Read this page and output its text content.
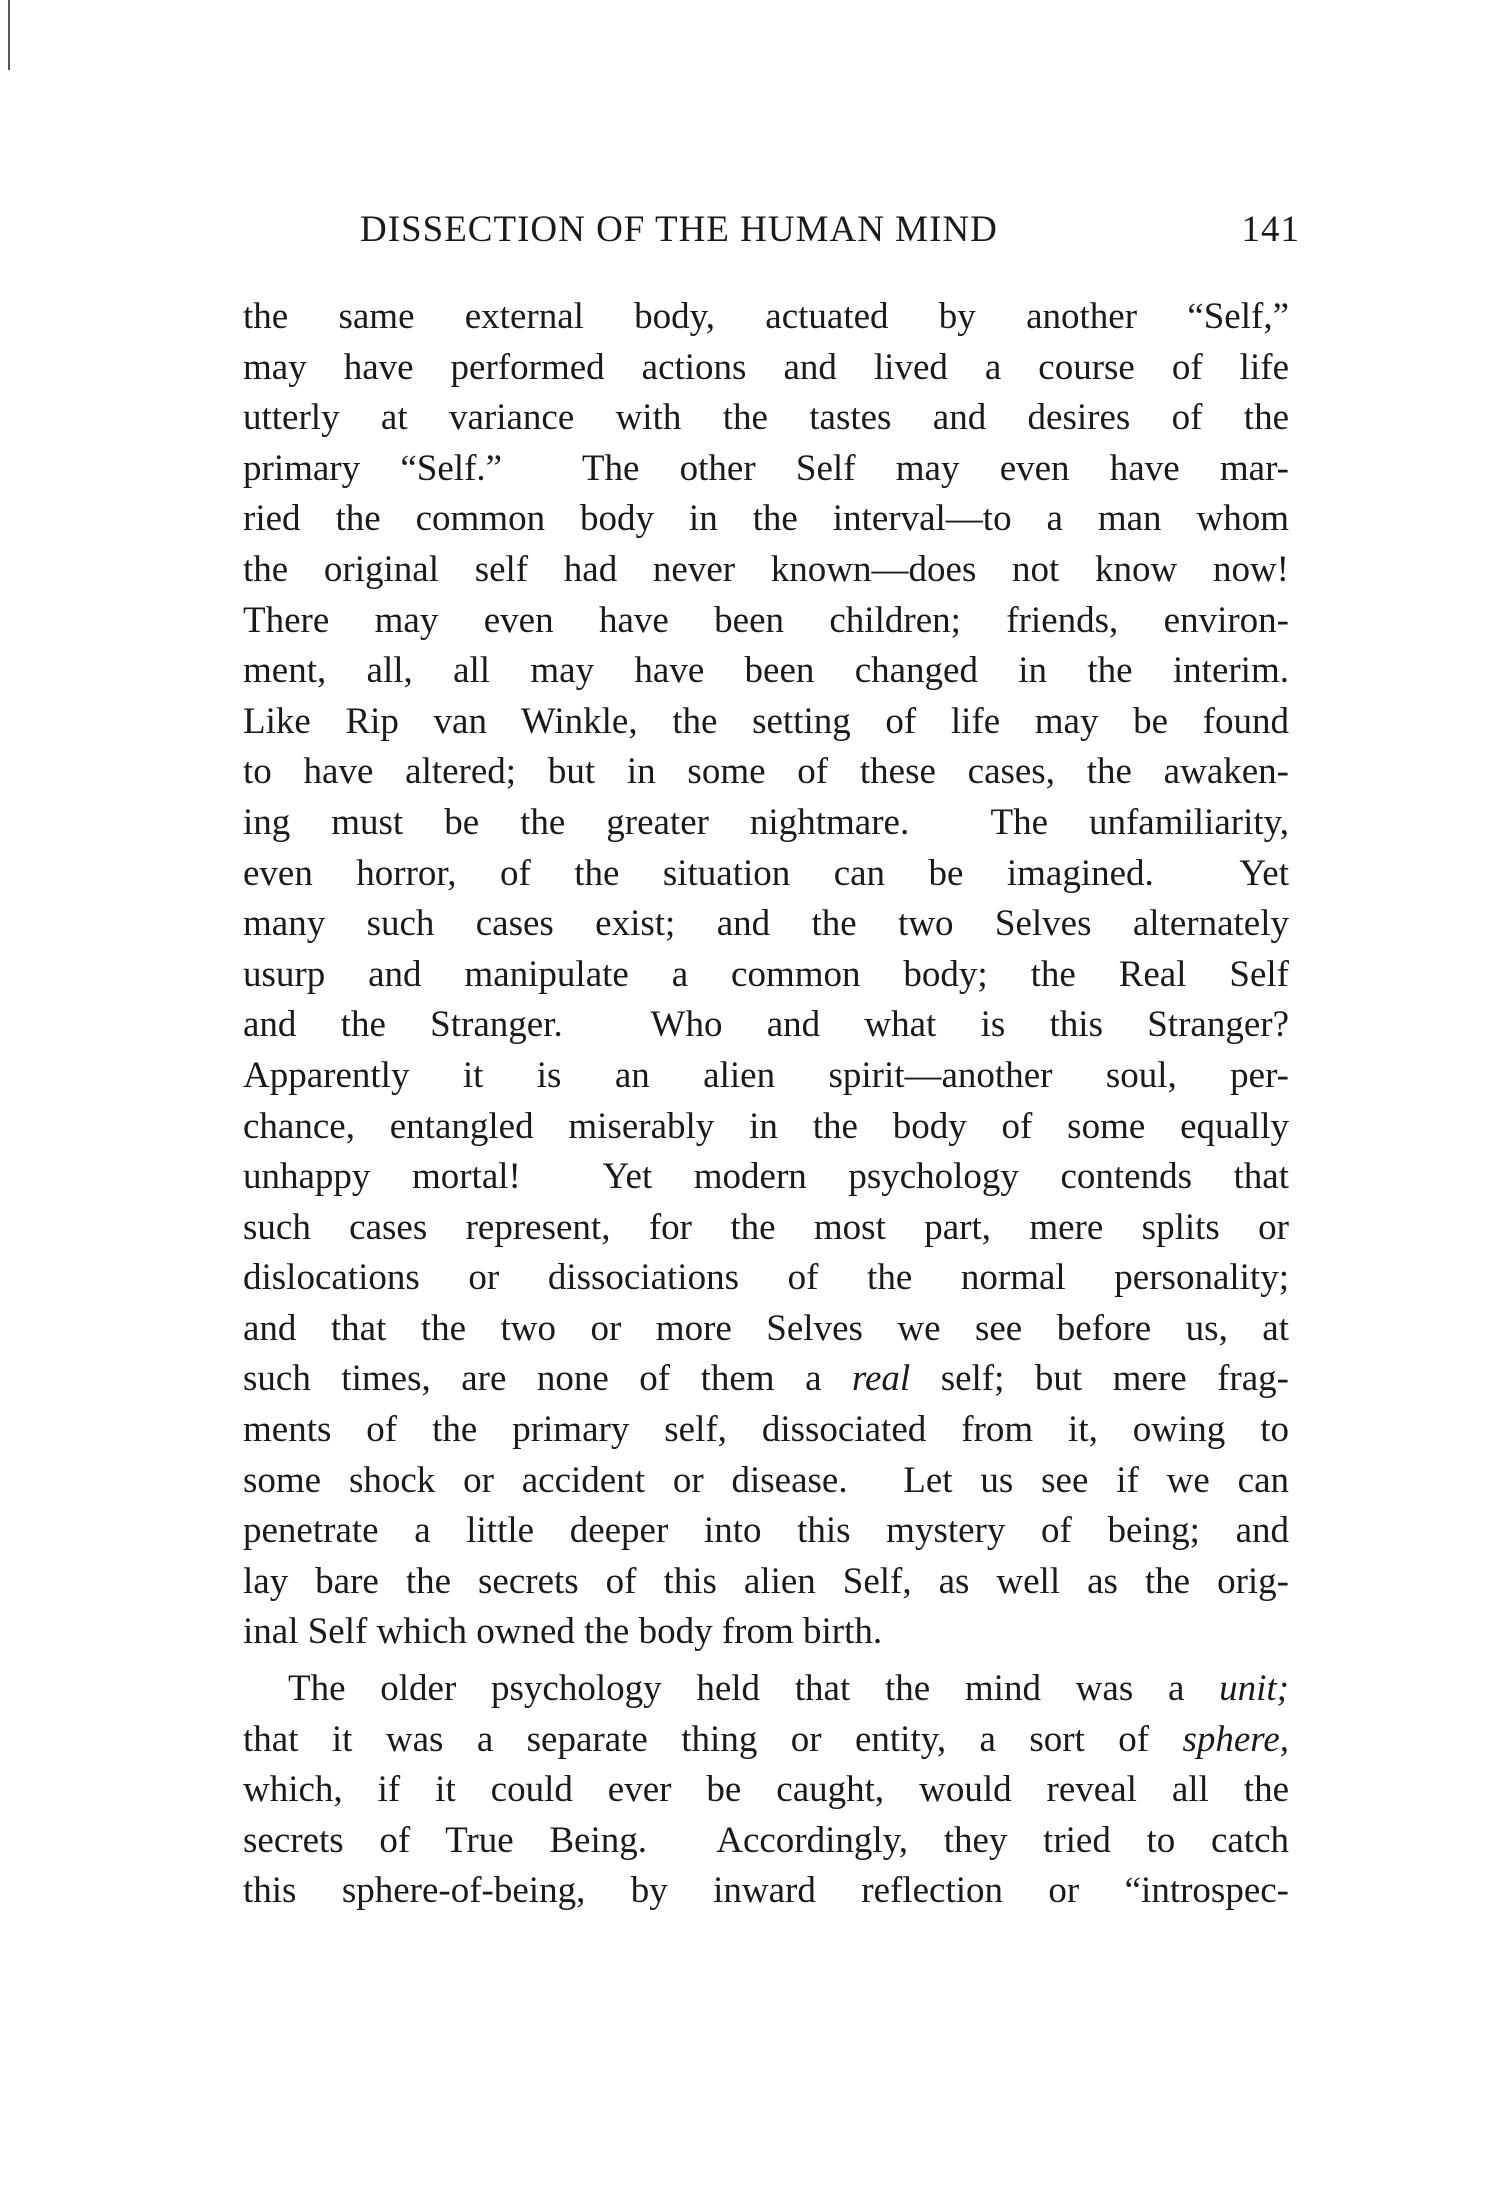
DISSECTION OF THE HUMAN MIND	141
the same external body, actuated by another “Self,”
may have performed actions and lived a course of life
utterly at variance with the tastes and desires of the
primary “Self.”  The other Self may even have mar-
ried the common body in the interval—to a man whom
the original self had never known—does not know now!
There may even have been children; friends, environ-
ment, all, all may have been changed in the interim.
Like Rip van Winkle, the setting of life may be found
to have altered; but in some of these cases, the awaken-
ing must be the greater nightmare.  The unfamiliarity,
even horror, of the situation can be imagined.  Yet
many such cases exist; and the two Selves alternately
usurp and manipulate a common body; the Real Self
and the Stranger.  Who and what is this Stranger?
Apparently it is an alien spirit—another soul, per-
chance, entangled miserably in the body of some equally
unhappy mortal!  Yet modern psychology contends that
such cases represent, for the most part, mere splits or
dislocations or dissociations of the normal personality;
and that the two or more Selves we see before us, at
such times, are none of them a real self; but mere frag-
ments of the primary self, dissociated from it, owing to
some shock or accident or disease.  Let us see if we can
penetrate a little deeper into this mystery of being; and
lay bare the secrets of this alien Self, as well as the orig-
inal Self which owned the body from birth.
The older psychology held that the mind was a unit;
that it was a separate thing or entity, a sort of sphere,
which, if it could ever be caught, would reveal all the
secrets of True Being.  Accordingly, they tried to catch
this sphere-of-being, by inward reflection or “introspec-
